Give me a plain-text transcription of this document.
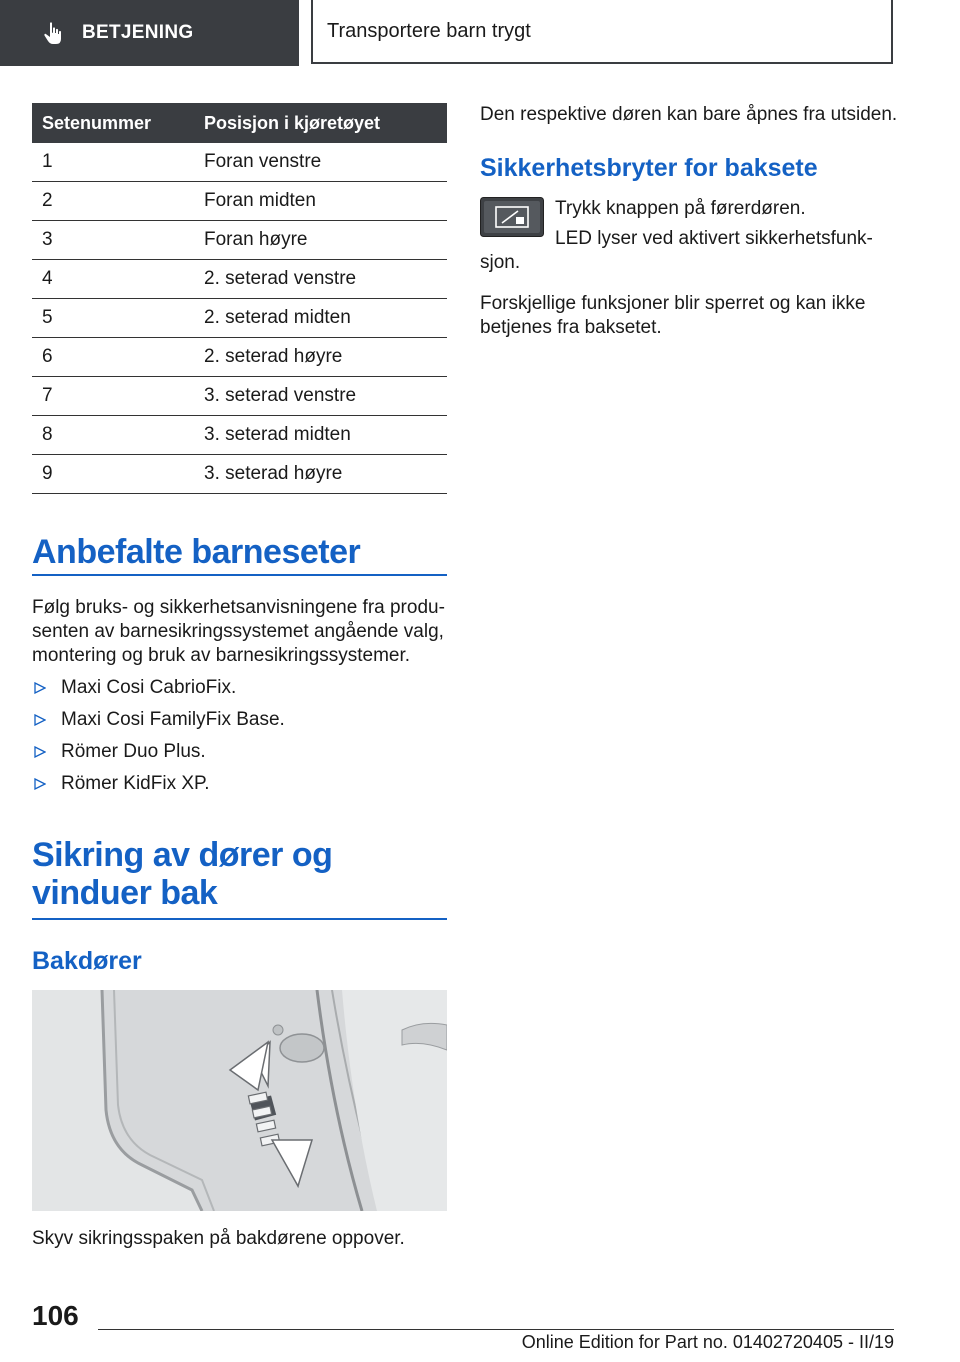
BETJENING	Transportere barn trygt
Setenummer	Posisjon i kjøretøyet
1	Foran venstre
2	Foran midten
3	Foran høyre
4	2. seterad venstre
5	2. seterad midten
6	2. seterad høyre
7	3. seterad venstre
8	3. seterad midten
9	3. seterad høyre
Anbefalte barneseter

Følg bruks- og sikkerhetsanvisningene fra produ-senten av barnesikringssystemet angående valg, montering og bruk av barnesikringssystemer.

Maxi Cosi CabrioFix.
Maxi Cosi FamilyFix Base.
Römer Duo Plus.
Römer KidFix XP.
Sikring av dører og vinduer bak
Bakdører

Skyv sikringsspaken på bakdørene oppover.

Den respektive døren kan bare åpnes fra utsiden.

Sikkerhetsbryter for baksete

Trykk knappen på førerdøren.

LED lyser ved aktivert sikkerhetsfunk-sjon.

Forskjellige funksjoner blir sperret og kan ikke betjenes fra baksetet.

106
Online Edition for Part no. 01402720405 - II/19
